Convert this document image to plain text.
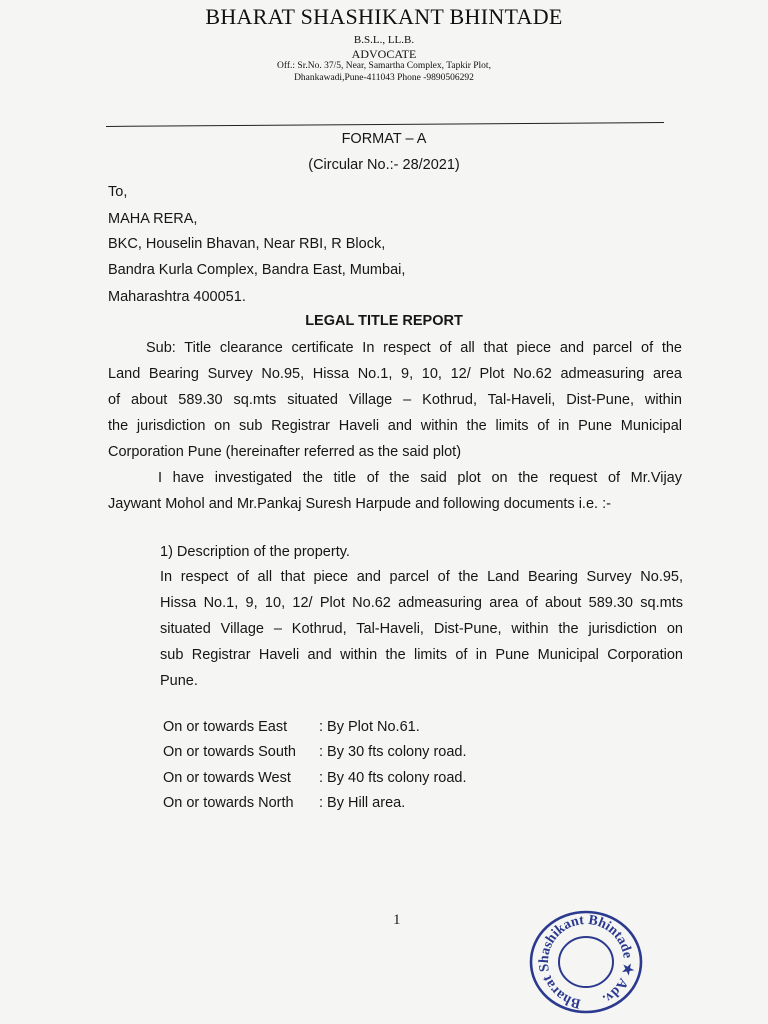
BHARAT SHASHIKANT BHINTADE
B.S.L., LL.B.
ADVOCATE
Off.: Sr.No. 37/5, Near, Samartha Complex, Tapkir Plot,
Dhankawadi,Pune-411043 Phone -9890506292
FORMAT – A
(Circular No.:- 28/2021)
To,
MAHA RERA,
BKC, Houselin Bhavan, Near RBI, R Block,
Bandra Kurla Complex, Bandra East, Mumbai,
Maharashtra 400051.
LEGAL TITLE REPORT
Sub: Title clearance certificate In respect of all that piece and parcel of the
Land Bearing Survey No.95, Hissa No.1, 9, 10, 12/ Plot No.62 admeasuring area
of about 589.30 sq.mts situated Village – Kothrud, Tal-Haveli, Dist-Pune, within
the jurisdiction on sub Registrar Haveli and within the limits of in Pune Municipal
Corporation Pune (hereinafter referred as the said plot)
I have investigated the title of the said plot on the request of Mr.Vijay
Jaywant Mohol and Mr.Pankaj Suresh Harpude and following documents i.e. :-
1) Description of the property.
In respect of all that piece and parcel of the Land Bearing Survey No.95,
Hissa No.1, 9, 10, 12/ Plot No.62 admeasuring area of about 589.30 sq.mts
situated Village – Kothrud, Tal-Haveli, Dist-Pune, within the jurisdiction on
sub Registrar Haveli and within the limits of in Pune Municipal Corporation
Pune.
On or towards East : By Plot No.61.
On or towards South : By 30 fts colony road.
On or towards West : By 40 fts colony road.
On or towards North : By Hill area.
1
Bharat Shashikant Bhintade ★ Adv.
